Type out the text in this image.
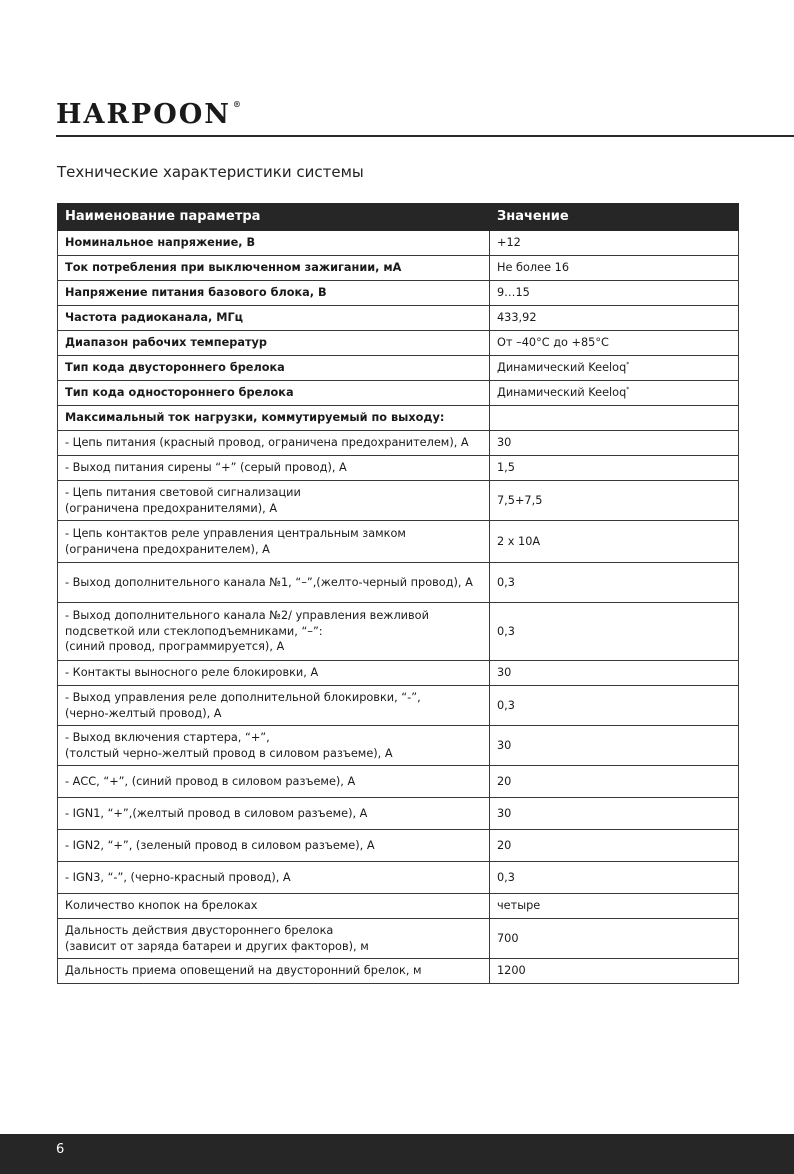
HARPOON ®
Технические характеристики системы
Наименование параметра	Значение
Номинальное напряжение, В	+12
Ток потребления при выключенном зажигании, мА	Не более 16
Напряжение питания базового блока, В	9…15
Частота радиоканала, МГц	433,92
Диапазон рабочих температур	От –40°С до +85°С
Тип кода двустороннего брелока	Динамический Keeloq*
Тип кода одностороннего брелока	Динамический Keeloq*
Максимальный ток нагрузки, коммутируемый по выходу:	
- Цепь питания (красный провод, ограничена предохранителем), А	30
- Выход питания сирены “+” (серый провод), А	1,5
- Цепь питания световой сигнализации
(ограничена предохранителями), А	7,5+7,5
- Цепь контактов реле управления центральным замком
(ограничена предохранителем), А	2 х 10А
- Выход дополнительного канала №1, “–”,(желто-черный провод), А	0,3
- Выход дополнительного канала №2/ управления вежливой
подсветкой или стеклоподъемниками, “–”:
(синий провод, программируется), А	0,3
- Контакты выносного реле блокировки, А	30
- Выход управления реле дополнительной блокировки, “-”,
(черно-желтый провод), А	0,3
- Выход включения стартера, “+”,
(толстый черно-желтый провод в силовом разъеме), А	30
- АСС, “+”, (синий провод в силовом разъеме), А	20
- IGN1, “+”,(желтый провод в силовом разъеме), А	30
- IGN2, “+”, (зеленый провод в силовом разъеме), А	20
- IGN3, “-”, (черно-красный провод), А	0,3
Количество кнопок на брелоках	четыре
Дальность действия двустороннего брелока
(зависит от заряда батареи и других факторов), м	700
Дальность приема оповещений на двусторонний брелок, м	1200
6
